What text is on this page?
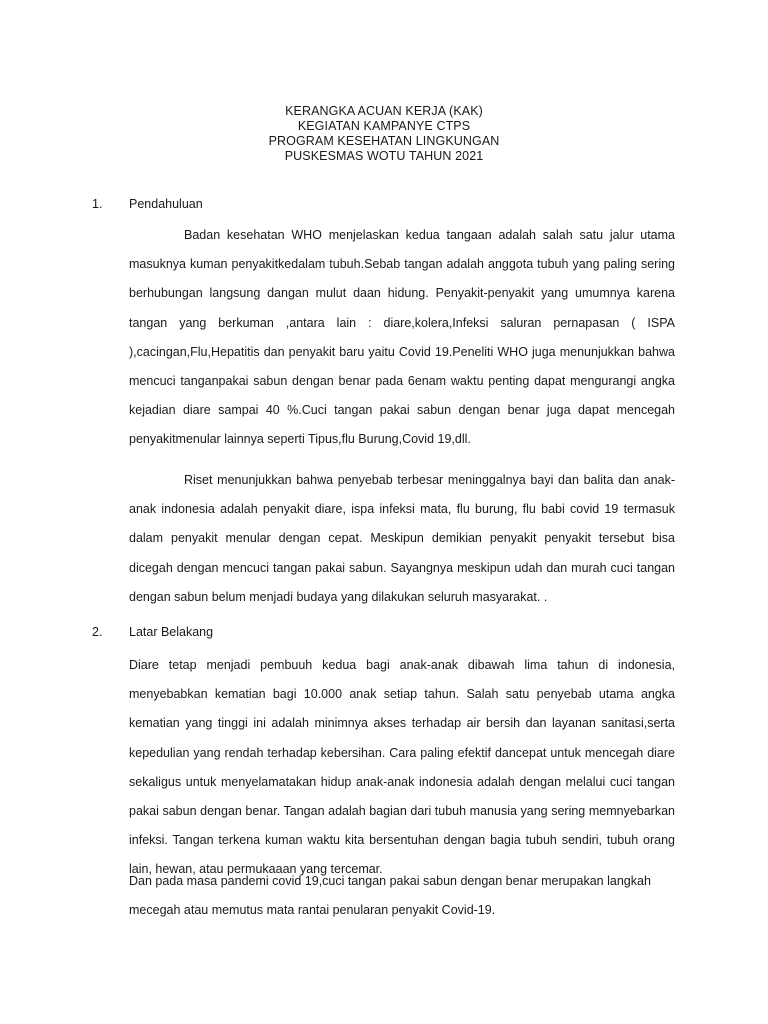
KERANGKA ACUAN KERJA (KAK)
KEGIATAN KAMPANYE CTPS
PROGRAM KESEHATAN LINGKUNGAN
PUSKESMAS WOTU TAHUN 2021
1. Pendahuluan

Badan kesehatan WHO menjelaskan kedua tangaan adalah salah satu jalur utama masuknya kuman penyakitkedalam tubuh.Sebab tangan adalah anggota tubuh yang paling sering berhubungan langsung dangan mulut daan hidung. Penyakit-penyakit yang umumnya karena tangan yang berkuman ,antara lain : diare,kolera,Infeksi saluran pernapasan ( ISPA ),cacingan,Flu,Hepatitis dan penyakit baru yaitu Covid 19.Peneliti WHO juga menunjukkan bahwa mencuci tanganpakai sabun dengan benar pada 6enam waktu penting dapat mengurangi angka kejadian diare sampai 40 %.Cuci tangan pakai sabun dengan benar juga dapat mencegah penyakitmenular lainnya seperti Tipus,flu Burung,Covid 19,dll.

Riset menunjukkan bahwa penyebab terbesar meninggalnya bayi dan balita dan anak-anak indonesia adalah penyakit diare, ispa infeksi mata, flu burung, flu babi covid 19 termasuk dalam penyakit menular dengan cepat. Meskipun demikian penyakit penyakit tersebut bisa dicegah dengan mencuci tangan pakai sabun. Sayangnya meskipun udah dan murah cuci tangan dengan sabun belum menjadi budaya yang dilakukan seluruh masyarakat. .

2. Latar Belakang

Diare tetap menjadi pembuuh kedua bagi anak-anak dibawah lima tahun di indonesia, menyebabkan kematian bagi 10.000 anak setiap tahun. Salah satu penyebab utama angka kematian yang tinggi ini adalah minimnya akses terhadap air bersih dan layanan sanitasi,serta kepedulian yang rendah terhadap kebersihan. Cara paling efektif dancepat untuk mencegah diare sekaligus untuk menyelamatakan hidup anak-anak indonesia adalah dengan melalui cuci tangan pakai sabun dengan benar. Tangan adalah bagian dari tubuh manusia yang sering memnyebarkan infeksi. Tangan terkena kuman waktu kita bersentuhan dengan bagia tubuh sendiri, tubuh orang lain, hewan, atau permukaaan yang tercemar.

Dan pada masa pandemi covid 19,cuci tangan pakai sabun dengan benar merupakan langkah mecegah atau memutus mata rantai penularan penyakit Covid-19.
